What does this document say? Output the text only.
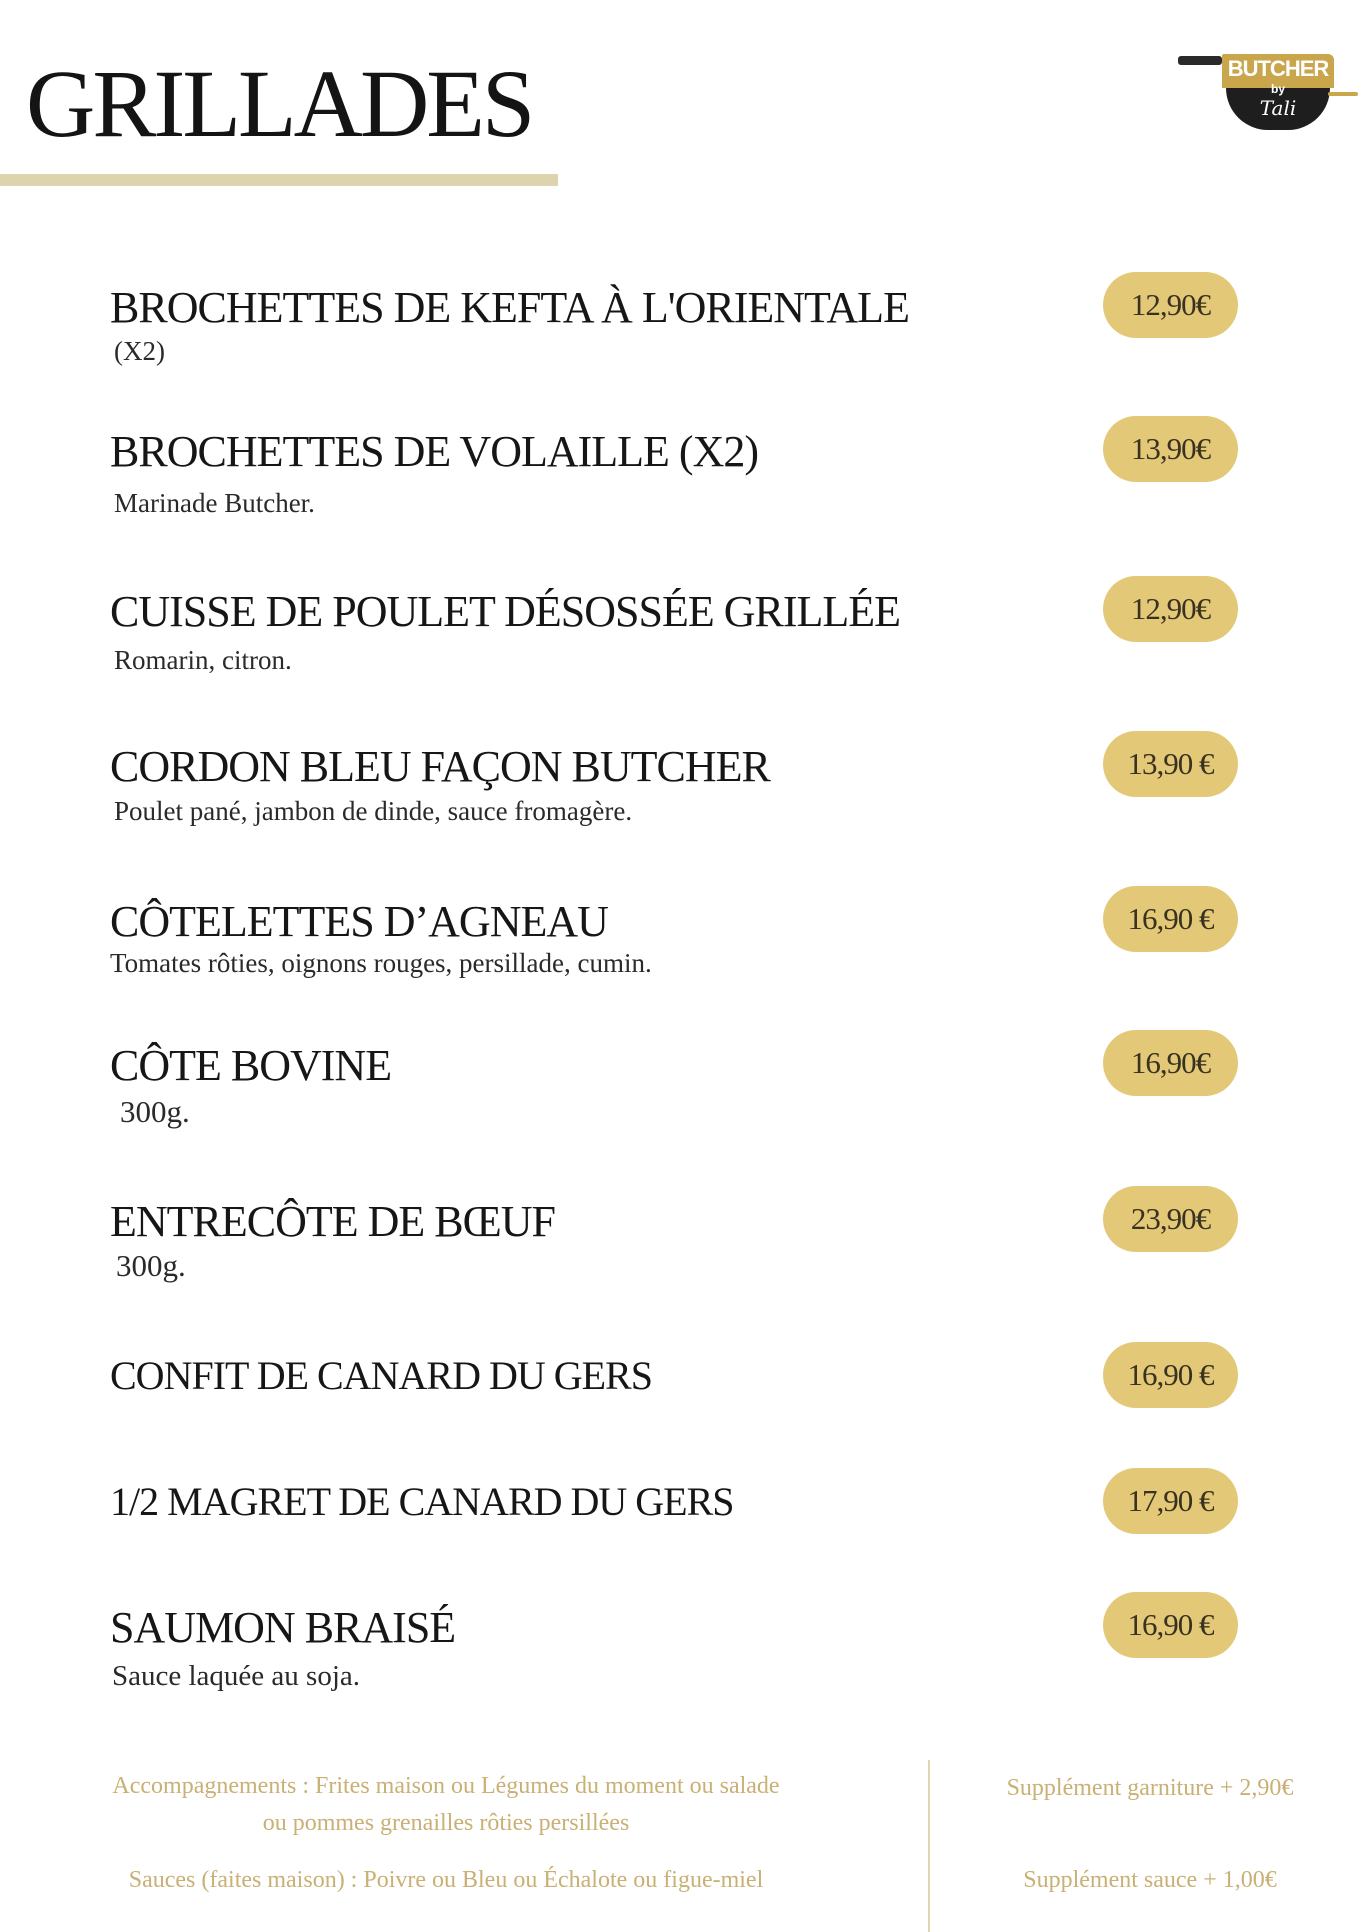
GRILLADES	BUTCHER
by
Tali
BROCHETTES DE KEFTA À L'ORIENTALE
(X2)
12,90€
BROCHETTES DE VOLAILLE (X2)
Marinade Butcher.
13,90€
CUISSE DE POULET DÉSOSSÉE GRILLÉE
Romarin, citron.
12,90€
CORDON BLEU FAÇON BUTCHER
Poulet pané, jambon de dinde, sauce fromagère.
13,90 €
CÔTELETTES D’AGNEAU
Tomates rôties, oignons rouges, persillade, cumin.
16,90 €
CÔTE BOVINE
300g.
16,90€
ENTRECÔTE DE BŒUF
300g.
23,90€
CONFIT DE CANARD DU GERS	16,90 €
1/2 MAGRET DE CANARD DU GERS	17,90 €
SAUMON BRAISÉ
Sauce laquée au soja.
16,90 €
Accompagnements : Frites maison ou Légumes du moment ou salade
ou pommes grenailles rôties persillées
Sauces (faites maison) : Poivre ou Bleu ou Échalote ou figue-miel
Supplément garniture + 2,90€
Supplément sauce + 1,00€
